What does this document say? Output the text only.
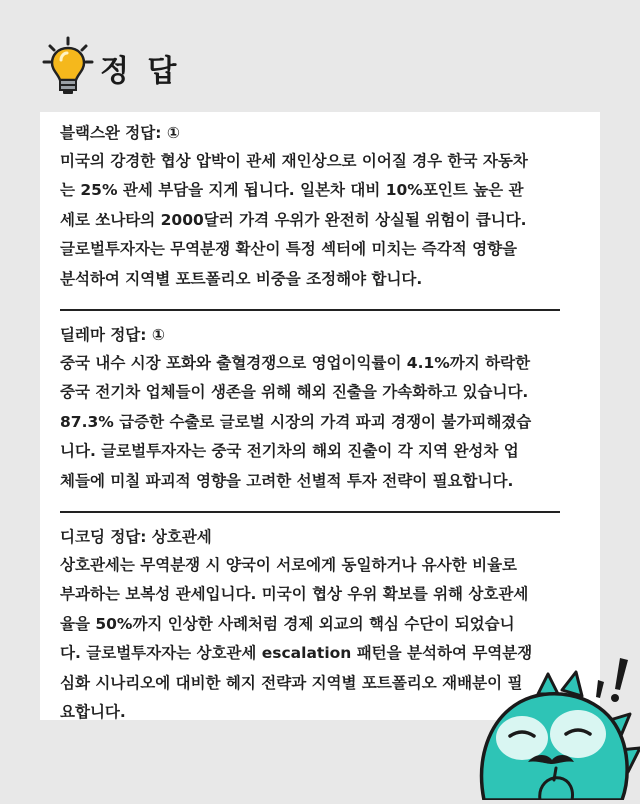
정 답
블랙스완 정답: ①

미국의 강경한 협상 압박이 관세 재인상으로 이어질 경우 한국 자동차

는 25% 관세 부담을 지게 됩니다. 일본차 대비 10%포인트 높은 관

세로 쏘나타의 2000달러 가격 우위가 완전히 상실될 위험이 큽니다.

글로벌투자자는 무역분쟁 확산이 특정 섹터에 미치는 즉각적 영향을

분석하여 지역별 포트폴리오 비중을 조정해야 합니다.

딜레마 정답: ①

중국 내수 시장 포화와 출혈경쟁으로 영업이익률이 4.1%까지 하락한

중국 전기차 업체들이 생존을 위해 해외 진출을 가속화하고 있습니다.

87.3% 급증한 수출로 글로벌 시장의 가격 파괴 경쟁이 불가피해졌습

니다. 글로벌투자자는 중국 전기차의 해외 진출이 각 지역 완성차 업

체들에 미칠 파괴적 영향을 고려한 선별적 투자 전략이 필요합니다.

디코딩 정답: 상호관세

상호관세는 무역분쟁 시 양국이 서로에게 동일하거나 유사한 비율로

부과하는 보복성 관세입니다. 미국이 협상 우위 확보를 위해 상호관세

율을 50%까지 인상한 사례처럼 경제 외교의 핵심 수단이 되었습니

다. 글로벌투자자는 상호관세 escalation 패턴을 분석하여 무역분쟁

심화 시나리오에 대비한 헤지 전략과 지역별 포트폴리오 재배분이 필

요합니다.
